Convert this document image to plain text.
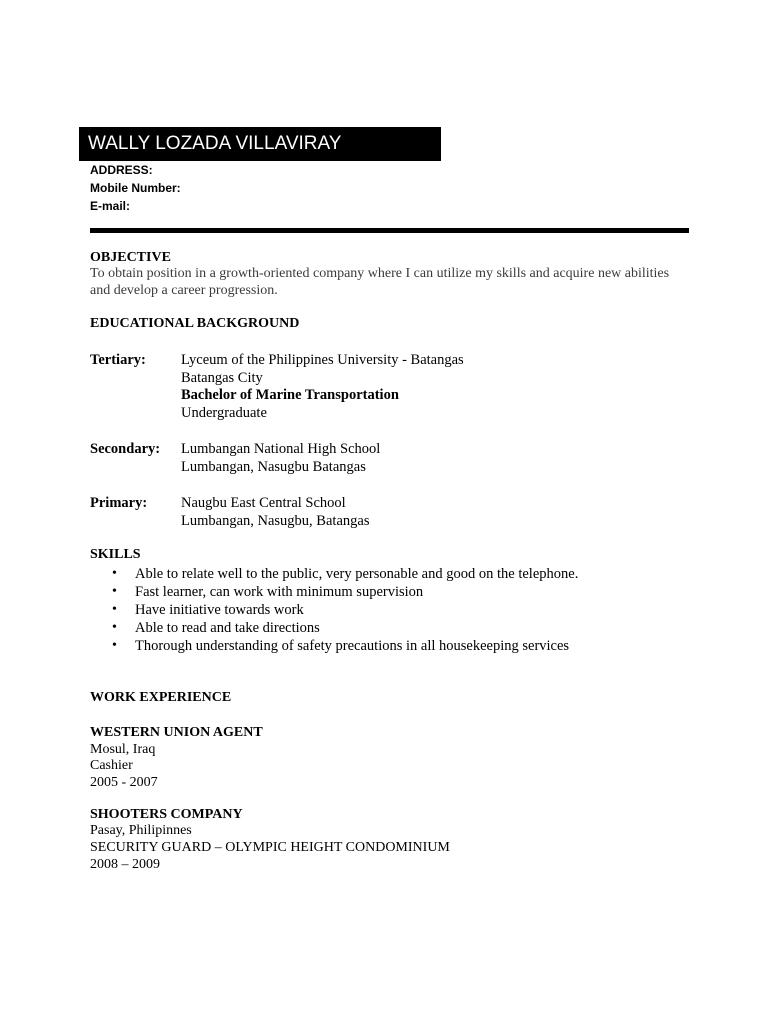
WALLY LOZADA VILLAVIRAY
ADDRESS:
Mobile Number:
E-mail:
OBJECTIVE
To obtain position in a growth-oriented company where I can utilize my skills and acquire new abilities
and develop a career progression.
EDUCATIONAL BACKGROUND
Tertiary: Lyceum of the Philippines University - Batangas
Batangas City
Bachelor of Marine Transportation
Undergraduate
Secondary: Lumbangan National High School
Lumbangan, Nasugbu Batangas
Primary: Naugbu East Central School
Lumbangan, Nasugbu, Batangas
SKILLS
• Able to relate well to the public, very personable and good on the telephone.
• Fast learner, can work with minimum supervision
• Have initiative towards work
• Able to read and take directions
• Thorough understanding of safety precautions in all housekeeping services
WORK EXPERIENCE
WESTERN UNION AGENT
Mosul, Iraq
Cashier
2005 - 2007
SHOOTERS COMPANY
Pasay, Philipinnes
SECURITY GUARD – OLYMPIC HEIGHT CONDOMINIUM
2008 – 2009
